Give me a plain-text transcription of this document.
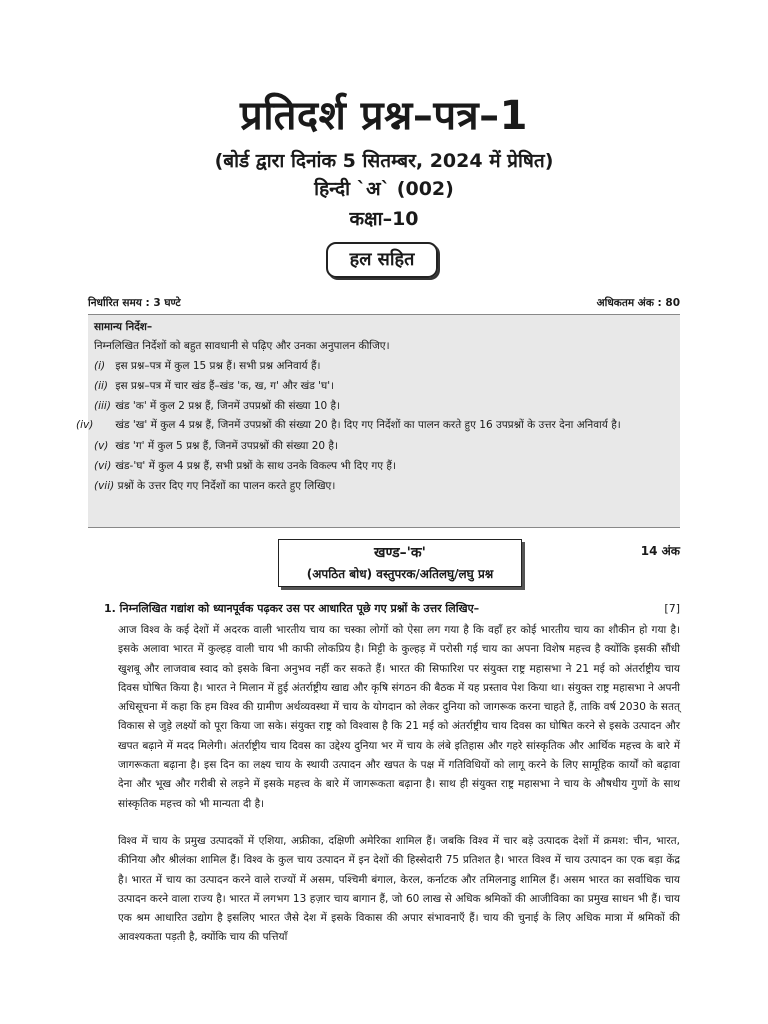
प्रतिदर्श प्रश्न–पत्र–1
(बोर्ड द्वारा दिनांक 5 सितम्बर, 2024 में प्रेषित)
हिन्दी `अ` (002)
कक्षा–10
हल सहित
निर्धारित समय : 3 घण्टे	अधिकतम अंक : 80
सामान्य निर्देश–
निम्नलिखित निर्देशों को बहुत सावधानी से पढ़िए और उनका अनुपालन कीजिए।
(i) इस प्रश्न–पत्र में कुल 15 प्रश्न हैं। सभी प्रश्न अनिवार्य हैं।
(ii) इस प्रश्न–पत्र में चार खंड हैं–खंड 'क, ख, ग' और खंड 'घ'।
(iii) खंड 'क' में कुल 2 प्रश्न हैं, जिनमें उपप्रश्नों की संख्या 10 है।
(iv) खंड 'ख' में कुल 4 प्रश्न हैं, जिनमें उपप्रश्नों की संख्या 20 है। दिए गए निर्देशों का पालन करते हुए 16 उपप्रश्नों के उत्तर देना अनिवार्य है।
(v) खंड 'ग' में कुल 5 प्रश्न हैं, जिनमें उपप्रश्नों की संख्या 20 है।
(vi) खंड-'घ' में कुल 4 प्रश्न हैं, सभी प्रश्नों के साथ उनके विकल्प भी दिए गए हैं।
(vii) प्रश्नों के उत्तर दिए गए निर्देशों का पालन करते हुए लिखिए।
खण्ड–'क'
(अपठित बोध) वस्तुपरक/अतिलघु/लघु प्रश्न
14 अंक
1. निम्नलिखित गद्यांश को ध्यानपूर्वक पढ़कर उस पर आधारित पूछे गए प्रश्नों के उत्तर लिखिए–	[7]

आज विश्व के कई देशों में अदरक वाली भारतीय चाय का चस्का लोगों को ऐसा लग गया है कि वहाँ हर कोई भारतीय चाय का शौकीन हो गया है। इसके अलावा भारत में कुल्हड़ वाली चाय भी काफी लोकप्रिय है। मिट्टी के कुल्हड़ में परोसी गई चाय का अपना विशेष महत्त्व है क्योंकि इसकी सौंधी खुशबू और लाजवाब स्वाद को इसके बिना अनुभव नहीं कर सकते हैं। भारत की सिफारिश पर संयुक्त राष्ट्र महासभा ने 21 मई को अंतर्राष्ट्रीय चाय दिवस घोषित किया है। भारत ने मिलान में हुई अंतर्राष्ट्रीय खाद्य और कृषि संगठन की बैठक में यह प्रस्ताव पेश किया था। संयुक्त राष्ट्र महासभा ने अपनी अधिसूचना में कहा कि हम विश्व की ग्रामीण अर्थव्यवस्था में चाय के योगदान को लेकर दुनिया को जागरूक करना चाहते हैं, ताकि वर्ष 2030 के सतत् विकास से जुड़े लक्ष्यों को पूरा किया जा सके। संयुक्त राष्ट्र को विश्वास है कि 21 मई को अंतर्राष्ट्रीय चाय दिवस का घोषित करने से इसके उत्पादन और खपत बढ़ाने में मदद मिलेगी। अंतर्राष्ट्रीय चाय दिवस का उद्देश्य दुनिया भर में चाय के लंबे इतिहास और गहरे सांस्कृतिक और आर्थिक महत्त्व के बारे में जागरूकता बढ़ाना है। इस दिन का लक्ष्य चाय के स्थायी उत्पादन और खपत के पक्ष में गतिविधियों को लागू करने के लिए सामूहिक कार्यों को बढ़ावा देना और भूख और गरीबी से लड़ने में इसके महत्त्व के बारे में जागरूकता बढ़ाना है। साथ ही संयुक्त राष्ट्र महासभा ने चाय के औषधीय गुणों के साथ सांस्कृतिक महत्त्व को भी मान्यता दी है।

विश्व में चाय के प्रमुख उत्पादकों में एशिया, अफ्रीका, दक्षिणी अमेरिका शामिल हैं। जबकि विश्व में चार बड़े उत्पादक देशों में क्रमश: चीन, भारत, कीनिया और श्रीलंका शामिल हैं। विश्व के कुल चाय उत्पादन में इन देशों की हिस्सेदारी 75 प्रतिशत है। भारत विश्व में चाय उत्पादन का एक बड़ा केंद्र है। भारत में चाय का उत्पादन करने वाले राज्यों में असम, पश्चिमी बंगाल, केरल, कर्नाटक और तमिलनाडु शामिल हैं। असम भारत का सर्वाधिक चाय उत्पादन करने वाला राज्य है। भारत में लगभग 13 हज़ार चाय बागान हैं, जो 60 लाख से अधिक श्रमिकों की आजीविका का प्रमुख साधन भी हैं। चाय एक श्रम आधारित उद्योग है इसलिए भारत जैसे देश में इसके विकास की अपार संभावनाएँ हैं। चाय की चुनाई के लिए अधिक मात्रा में श्रमिकों की आवश्यकता पड़ती है, क्योंकि चाय की पत्तियाँ
